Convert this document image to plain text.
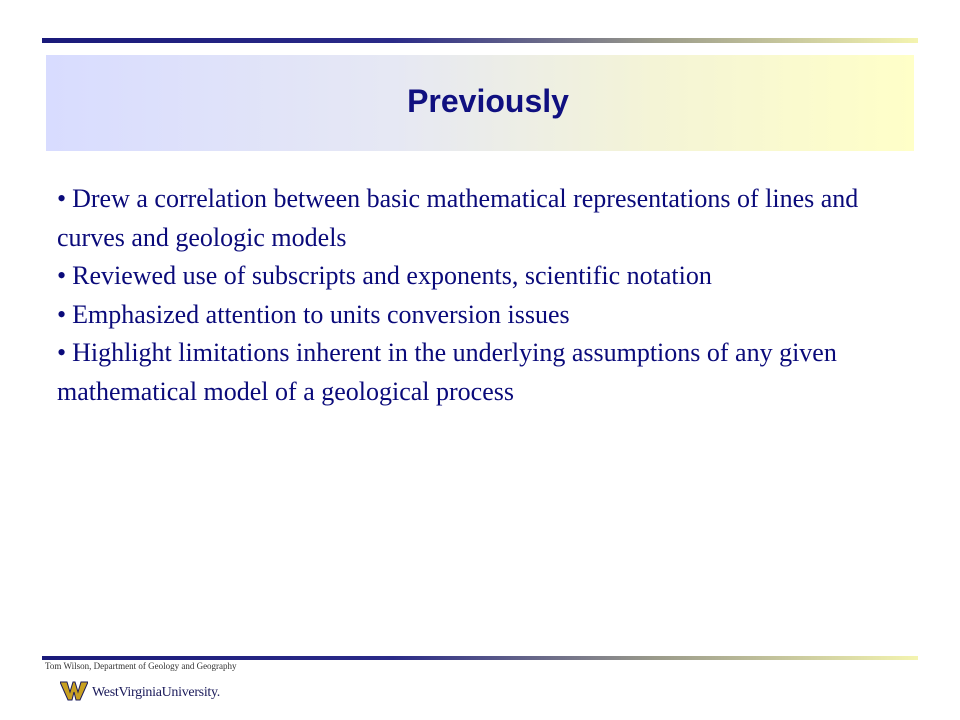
Previously
• Drew a correlation between basic mathematical representations of lines and curves and geologic models
• Reviewed use of subscripts and exponents, scientific notation
• Emphasized attention to units conversion issues
• Highlight limitations inherent in the underlying assumptions of any given mathematical model of a geological process
Tom Wilson, Department of Geology and Geography
WestVirginiaUniversity.
